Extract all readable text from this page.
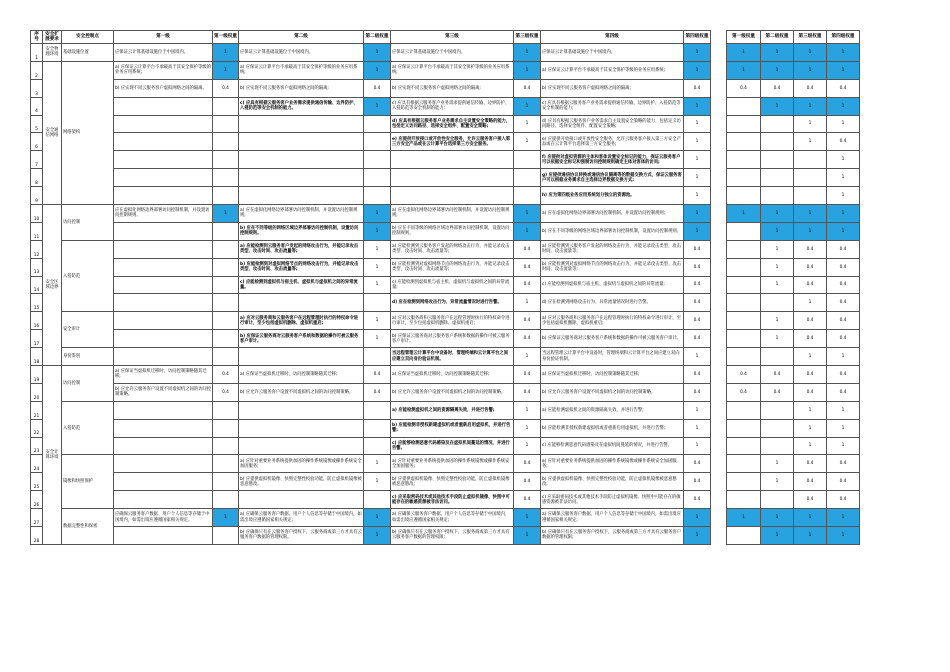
序号	安全扩展要求	安全控制点	第一级	第一级权重	第二级	第二级权重	第三级	第三级权重	第四级	第四级权重
1	安全物理环境	基础设施位置	应保证云计算基础设施位于中国境内。	1	应保证云计算基础设施位于中国境内。	1	应保证云计算基础设施位于中国境内。	1	应保证云计算基础设施位于中国境内。	1
2	安全通信网络	网络架构	a) 应保证云计算平台不承载高于其安全保护等级的业务应用系统;	1	a) 应保证云计算平台不承载高于其安全保护等级的业务应用系统;	1	a) 应保证云计算平台不承载高于其安全保护等级的业务应用系统;	1	a) 应保证云计算平台不承载高于其安全保护等级的业务应用系统;	1
3			b) 应实现不同云服务客户虚拟网络之间的隔离。	0.4	b) 应实现不同云服务客户虚拟网络之间的隔离;	0.4	b) 应实现不同云服务客户虚拟网络之间的隔离;	0.4	b) 应实现不同云服务客户虚拟网络之间的隔离;	0.4
4					c) 应具有根据云服务客户业务需求提供通信传输、边界防护、入侵防范等安全机制的能力。	1	c) 应具有根据云服务客户业务需求提供通信传输、边界防护、入侵防范等安全机制的能力;	1	c) 应具有根据云服务客户业务需求提供通信传输、边界防护、入侵防范等安全机制的能力;	1
5							d) 应具有根据云服务客户业务需求自主设置安全策略的能力，包括定义访问路径、选择安全组件、配置安全策略;	1	d) 应具有根据云服务客户业务需求自主设置安全策略的能力，包括定义访问路径、选择安全组件、配置安全策略;	1
6							e) 应提供开放接口或开放性安全服务，允许云服务客户接入第三方安全产品或在云计算平台选择第三方安全服务。	1	e) 应提供开放接口或开放性安全服务，允许云服务客户接入第三方安全产品或在云计算平台选择第三方安全服务;	1
7									f) 应提供对虚拟资源的主体和客体设置安全标记的能力，保证云服务客户可以依据安全标记和强制访问控制规则确定主体对客体的访问;	1
8									g) 应提供通信协议转换或通信协议隔离等的数据交换方式，保证云服务客户可以根据业务需求自主选择边界数据交换方式;	1
9									h) 应为第四级业务应用系统划分独立的资源池。	1
10	安全区域边界	访问控制	应在虚拟化网络边界部署访问控制机制，并设置访问控制规则。	1	a) 应在虚拟化网络边界部署访问控制机制，并设置访问控制规则;	1	a) 应在虚拟化网络边界部署访问控制机制，并设置访问控制规则;	1	a) 应在虚拟化网络边界部署访问控制机制，并设置访问控制规则;	1
11					b) 应在不同等级的网络区域边界部署访问控制机制，设置访问控制规则。	1	b) 应在不同等级的网络区域边界部署访问控制机制，设置访问控制规则。	1	b) 应在不同等级的网络区域边界部署访问控制机制，设置访问控制规则。	1
12		入侵防范			a) 应能检测到云服务客户发起的网络攻击行为，并能记录攻击类型、攻击时间、攻击流量等;	1	a) 应能检测到云服务客户发起的网络攻击行为，并能记录攻击类型、攻击时间、攻击流量等;	0.4	a) 应能检测到云服务客户发起的网络攻击行为，并能记录攻击类型、攻击时间、攻击流量等;	0.4
13					b) 应能检测到对虚拟网络节点的网络攻击行为，并能记录攻击类型、攻击时间、攻击流量等;	1	b) 应能检测到对虚拟网络节点的网络攻击行为，并能记录攻击类型、攻击时间、攻击流量等;	0.4	b) 应能检测到对虚拟网络节点的网络攻击行为，并能记录攻击类型、攻击时间、攻击流量等;	0.4
14					c) 应能检测到虚拟机与宿主机、虚拟机与虚拟机之间的异常流量。	1	c) 应能检测到虚拟机与宿主机、虚拟机与虚拟机之间的异常流量;	0.4	c) 应能检测到虚拟机与宿主机、虚拟机与虚拟机之间的异常流量;	0.4
15							d) 应在检测到网络攻击行为、异常流量情况时进行告警。	1	d) 应在检测到网络攻击行为、异常流量情况时进行告警。	0.4
16		安全审计			a) 应对云服务商和云服务客户在远程管理时执行的特权命令进行审计，至少包括虚拟机删除、虚拟机重启;	1	a) 应对云服务商和云服务客户在远程管理时执行的特权命令进行审计，至少包括虚拟机删除、虚拟机重启;	0.4	a) 应对云服务商和云服务客户在远程管理时执行的特权命令进行审计，至少包括虚拟机删除、虚拟机重启;	0.4
17					b) 应保证云服务商对云服务客户系统和数据的操作可被云服务客户审计。	1	b) 应保证云服务商对云服务客户系统和数据的操作可被云服务客户审计。	0.4	b) 应保证云服务商对云服务客户系统和数据的操作可被云服务客户审计。	0.4
18		身份鉴别					当远程管理云计算平台中设备时，管理终端和云计算平台之间应建立双向身份验证机制。	1	当远程管理云计算平台中设备时，管理终端和云计算平台之间应建立双向身份验证机制。	1
19	安全计算环境	访问控制	a) 应保证当虚拟机迁移时，访问控制策略随其迁移;	0.4	a) 应保证当虚拟机迁移时，访问控制策略随其迁移;	0.4	a) 应保证当虚拟机迁移时，访问控制策略随其迁移;	0.4	a) 应保证当虚拟机迁移时，访问控制策略随其迁移;	0.4
20			b) 应允许云服务客户设置不同虚拟机之间的访问控制策略。	0.4	b) 应允许云服务客户设置不同虚拟机之间的访问控制策略。	0.4	b) 应允许云服务客户设置不同虚拟机之间的访问控制策略。	0.4	b) 应允许云服务客户设置不同虚拟机之间的访问控制策略。	0.4
21		入侵防范					a) 应能检测虚拟机之间的资源隔离失效，并进行告警;	1	a) 应能检测虚拟机之间的资源隔离失效，并进行告警;	1
22							b) 应能检测非授权新建虚拟机或者重新启用虚拟机，并进行告警;	1	b) 应能检测非授权新建虚拟机或者重新启用虚拟机，并进行告警;	1
23							c) 应能够检测恶意代码感染及在虚拟机间蔓延的情况，并进行告警。	1	c) 应能够检测恶意代码感染及在虚拟机间蔓延的情况，并进行告警。	1
24		镜像和快照保护			a) 应针对重要业务系统提供加固的操作系统镜像或操作系统安全加固服务;	1	a) 应针对重要业务系统提供加固的操作系统镜像或操作系统安全加固服务;	0.4	a) 应针对重要业务系统提供加固的操作系统镜像或操作系统安全加固服务;	0.4
25					b) 应提供虚拟机镜像、快照完整性校验功能，防止虚拟机镜像被恶意篡改。	1	b) 应提供虚拟机镜像、快照完整性校验功能，防止虚拟机镜像被恶意篡改;	0.4	b) 应提供虚拟机镜像、快照完整性校验功能，防止虚拟机镜像被恶意篡改;	0.4
26							c) 应采取密码技术或其他技术手段防止虚拟机镜像、快照中可能存在的敏感资源被非法访问。	0.4	c) 应采取密码技术或其他技术手段防止虚拟机镜像、快照中可能存在的敏感资源被非法访问。	0.4
27		数据完整性和保密	应确保云服务客户数据、用户个人信息等存储于中国境内，如需出境应遵循国家相关规定。	1	a) 应确保云服务客户数据、用户个人信息等存储于中国境内，如需出境应遵循国家相关规定;	1	a) 应确保云服务客户数据、用户个人信息等存储于中国境内，如需出境应遵循国家相关规定;	1	a) 应确保云服务客户数据、用户个人信息等存储于中国境内，如需出境应遵循国家相关规定;	1
28					b) 应确保只有在云服务客户授权下，云服务商或第三方才具有云服务客户数据的管理权限。	1	b) 应确保只有在云服务客户授权下，云服务商或第三方才具有云服务客户数据的管理权限;	1	b) 应确保只有在云服务客户授权下，云服务商或第三方才具有云服务客户数据的管理权限;	1
第一级权重	第二级权重	第三级权重	第四级权重
1	1	1	1
1	1	1	1
0.4	0.4	0.4	0.4
	1	1	1
		1	1
		1	0.4
			1
			1
			1
1	1	1	1
	1	1	1
	1	0.4	0.4
	1	0.4	0.4
	1	0.4	0.4
		1	0.4
	1	0.4	0.4
	1	0.4	0.4
		1	1
0.4	0.4	0.4	0.4
0.4	0.4	0.4	0.4
		1	1
		1	1
		1	1
	1	0.4	0.4
	1	0.4	0.4
		0.4	0.4
1	1	1	1
	1	1	1
